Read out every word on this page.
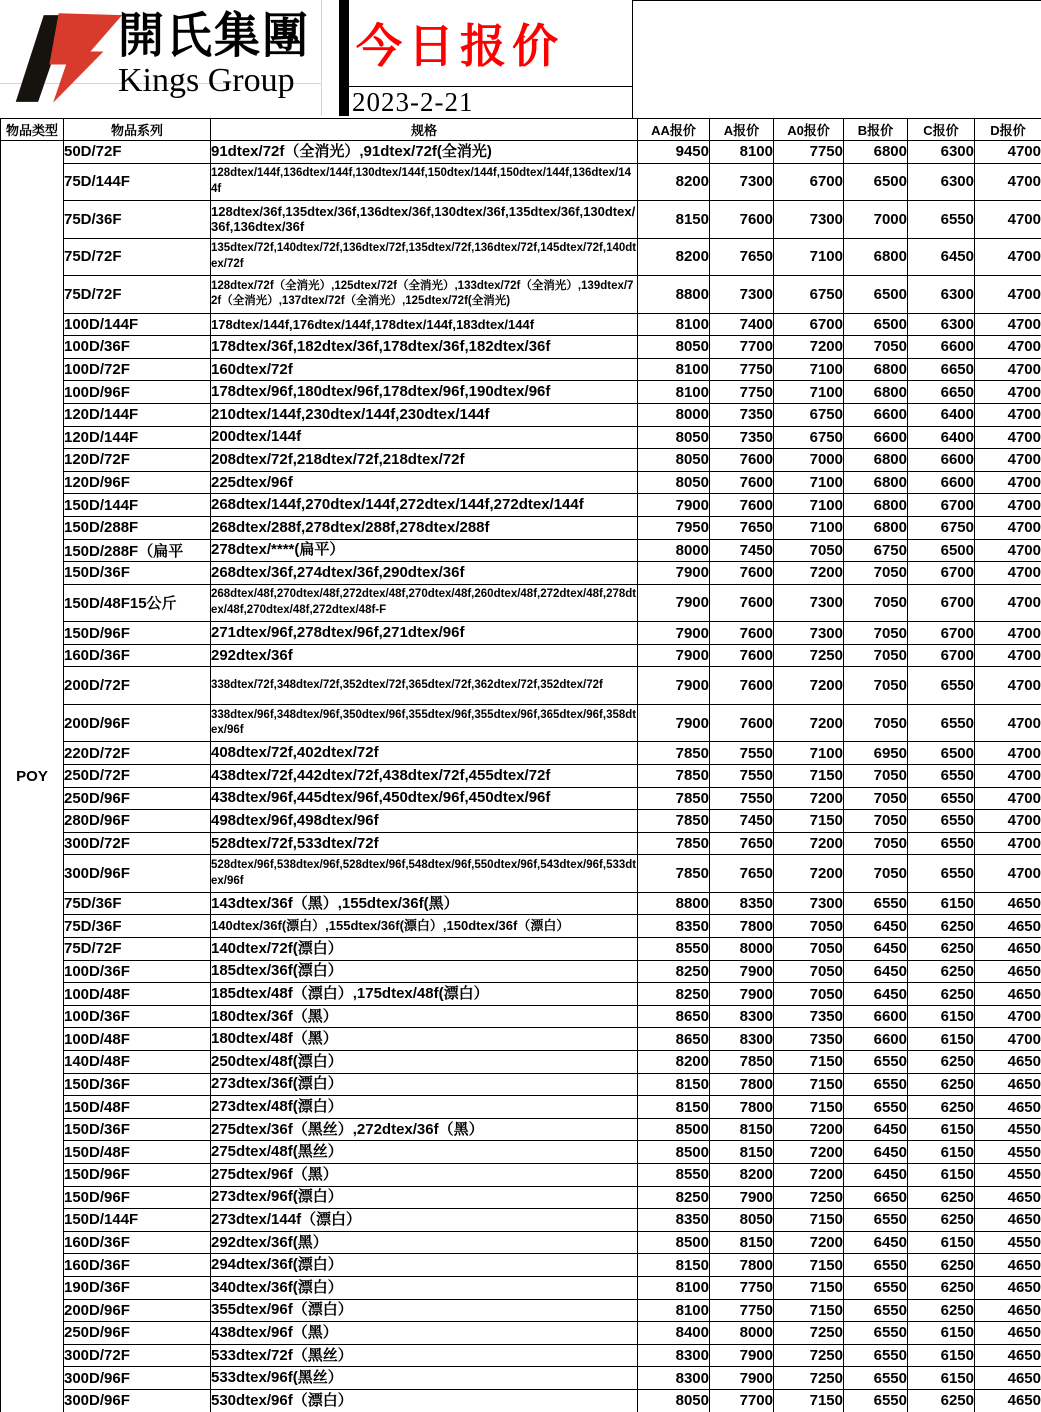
開氏集團
Kings Group
今日报价
2023-2-21
物品类型	物品系列	规格	AA报价	A报价	A0报价	B报价	C报价	D报价
POY	50D/72F	91dtex/72f（全消光）,91dtex/72f(全消光)	9450	8100	7750	6800	6300	4700
	75D/144F	128dtex/144f,136dtex/144f,130dtex/144f,150dtex/144f,150dtex/144f,136dtex/144f	8200	7300	6700	6500	6300	4700
	75D/36F	128dtex/36f,135dtex/36f,136dtex/36f,130dtex/36f,135dtex/36f,130dtex/36f,136dtex/36f	8150	7600	7300	7000	6550	4700
	75D/72F	135dtex/72f,140dtex/72f,136dtex/72f,135dtex/72f,136dtex/72f,145dtex/72f,140dtex/72f	8200	7650	7100	6800	6450	4700
	75D/72F	128dtex/72f（全消光）,125dtex/72f（全消光）,133dtex/72f（全消光）,139dtex/72f（全消光）,137dtex/72f（全消光）,125dtex/72f(全消光)	8800	7300	6750	6500	6300	4700
	100D/144F	178dtex/144f,176dtex/144f,178dtex/144f,183dtex/144f	8100	7400	6700	6500	6300	4700
	100D/36F	178dtex/36f,182dtex/36f,178dtex/36f,182dtex/36f	8050	7700	7200	7050	6600	4700
	100D/72F	160dtex/72f	8100	7750	7100	6800	6650	4700
	100D/96F	178dtex/96f,180dtex/96f,178dtex/96f,190dtex/96f	8100	7750	7100	6800	6650	4700
	120D/144F	210dtex/144f,230dtex/144f,230dtex/144f	8000	7350	6750	6600	6400	4700
	120D/144F	200dtex/144f	8050	7350	6750	6600	6400	4700
	120D/72F	208dtex/72f,218dtex/72f,218dtex/72f	8050	7600	7000	6800	6600	4700
	120D/96F	225dtex/96f	8050	7600	7100	6800	6600	4700
	150D/144F	268dtex/144f,270dtex/144f,272dtex/144f,272dtex/144f	7900	7600	7100	6800	6700	4700
	150D/288F	268dtex/288f,278dtex/288f,278dtex/288f	7950	7650	7100	6800	6750	4700
	150D/288F（扁平	278dtex/****(扁平）	8000	7450	7050	6750	6500	4700
	150D/36F	268dtex/36f,274dtex/36f,290dtex/36f	7900	7600	7200	7050	6700	4700
	150D/48F15公斤	268dtex/48f,270dtex/48f,272dtex/48f,270dtex/48f,260dtex/48f,272dtex/48f,278dtex/48f,270dtex/48f,272dtex/48f-F	7900	7600	7300	7050	6700	4700
	150D/96F	271dtex/96f,278dtex/96f,271dtex/96f	7900	7600	7300	7050	6700	4700
	160D/36F	292dtex/36f	7900	7600	7250	7050	6700	4700
	200D/72F	338dtex/72f,348dtex/72f,352dtex/72f,365dtex/72f,362dtex/72f,352dtex/72f	7900	7600	7200	7050	6550	4700
	200D/96F	338dtex/96f,348dtex/96f,350dtex/96f,355dtex/96f,355dtex/96f,365dtex/96f,358dtex/96f	7900	7600	7200	7050	6550	4700
	220D/72F	408dtex/72f,402dtex/72f	7850	7550	7100	6950	6500	4700
	250D/72F	438dtex/72f,442dtex/72f,438dtex/72f,455dtex/72f	7850	7550	7150	7050	6550	4700
	250D/96F	438dtex/96f,445dtex/96f,450dtex/96f,450dtex/96f	7850	7550	7200	7050	6550	4700
	280D/96F	498dtex/96f,498dtex/96f	7850	7450	7150	7050	6550	4700
	300D/72F	528dtex/72f,533dtex/72f	7850	7650	7200	7050	6550	4700
	300D/96F	528dtex/96f,538dtex/96f,528dtex/96f,548dtex/96f,550dtex/96f,543dtex/96f,533dtex/96f	7850	7650	7200	7050	6550	4700
	75D/36F	143dtex/36f（黑）,155dtex/36f(黑）	8800	8350	7300	6550	6150	4650
	75D/36F	140dtex/36f(漂白）,155dtex/36f(漂白）,150dtex/36f（漂白）	8350	7800	7050	6450	6250	4650
	75D/72F	140dtex/72f(漂白）	8550	8000	7050	6450	6250	4650
	100D/36F	185dtex/36f(漂白）	8250	7900	7050	6450	6250	4650
	100D/48F	185dtex/48f（漂白）,175dtex/48f(漂白）	8250	7900	7050	6450	6250	4650
	100D/36F	180dtex/36f（黑）	8650	8300	7350	6600	6150	4700
	100D/48F	180dtex/48f（黑）	8650	8300	7350	6600	6150	4700
	140D/48F	250dtex/48f(漂白）	8200	7850	7150	6550	6250	4650
	150D/36F	273dtex/36f(漂白）	8150	7800	7150	6550	6250	4650
	150D/48F	273dtex/48f(漂白）	8150	7800	7150	6550	6250	4650
	150D/36F	275dtex/36f（黑丝）,272dtex/36f（黑）	8500	8150	7200	6450	6150	4550
	150D/48F	275dtex/48f(黑丝）	8500	8150	7200	6450	6150	4550
	150D/96F	275dtex/96f（黑）	8550	8200	7200	6450	6150	4550
	150D/96F	273dtex/96f(漂白）	8250	7900	7250	6650	6250	4650
	150D/144F	273dtex/144f（漂白）	8350	8050	7150	6550	6250	4650
	160D/36F	292dtex/36f(黑）	8500	8150	7200	6450	6150	4550
	160D/36F	294dtex/36f(漂白）	8150	7800	7150	6550	6250	4650
	190D/36F	340dtex/36f(漂白）	8100	7750	7150	6550	6250	4650
	200D/96F	355dtex/96f（漂白）	8100	7750	7150	6550	6250	4650
	250D/96F	438dtex/96f（黑）	8400	8000	7250	6550	6150	4650
	300D/72F	533dtex/72f（黑丝）	8300	7900	7250	6550	6150	4650
	300D/96F	533dtex/96f(黑丝）	8300	7900	7250	6550	6150	4650
	300D/96F	530dtex/96f（漂白）	8050	7700	7150	6550	6250	4650
